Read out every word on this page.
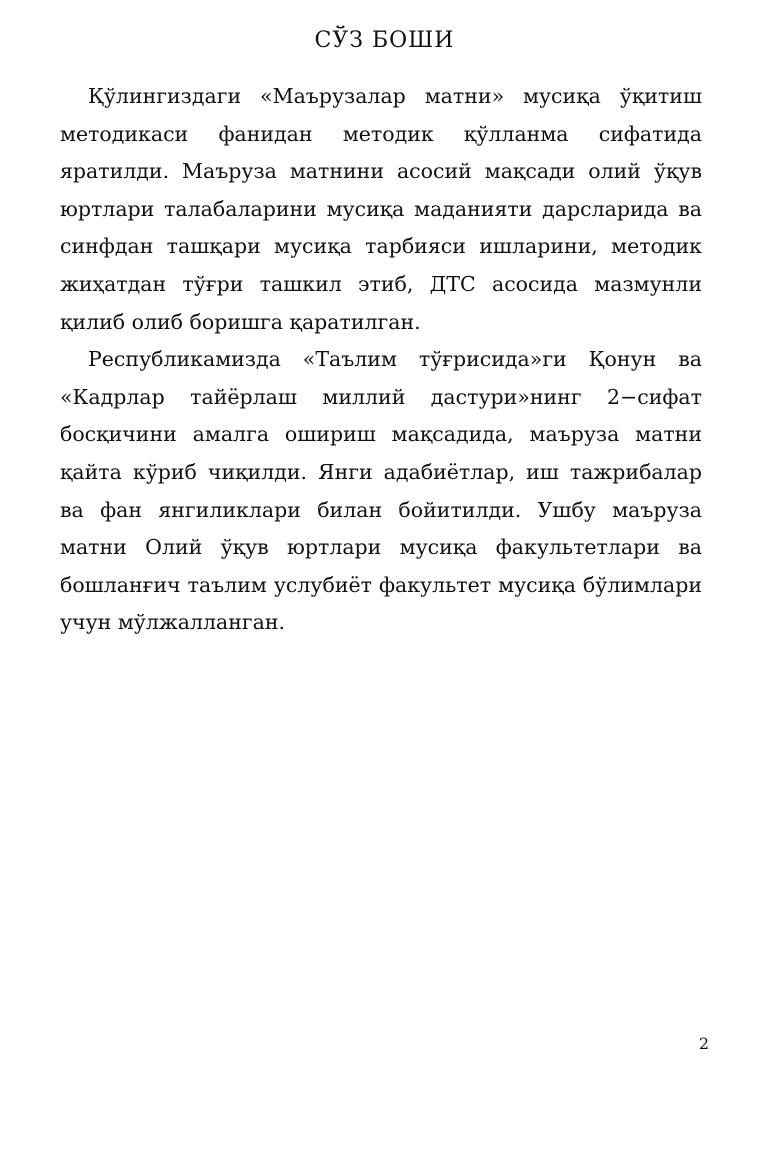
СЎЗ БОШИ

Қўлингиздаги «Маърузалар матни» мусиқа ўқитиш методикаси фанидан методик қўлланма сифатида яратилди. Маъруза матнини асосий мақсади олий ўқув юртлари талабаларини мусиқа маданияти дарсларида ва синфдан ташқари мусиқа тарбияси ишларини, методик жиҳатдан тўғри ташкил этиб, ДТС асосида мазмунли қилиб олиб боришга қаратилган.

Республикамизда «Таълим тўғрисида»ги Қонун ва «Кадрлар тайёрлаш миллий дастури»нинг 2−сифат босқичини амалга ошириш мақсадида, маъруза матни қайта кўриб чиқилди. Янги адабиётлар, иш тажрибалар ва фан янгиликлари билан бойитилди. Ушбу маъруза матни Олий ўқув юртлари мусиқа факультетлари ва бошланғич таълим услубиёт факультет мусиқа бўлимлари учун мўлжалланган.

2
